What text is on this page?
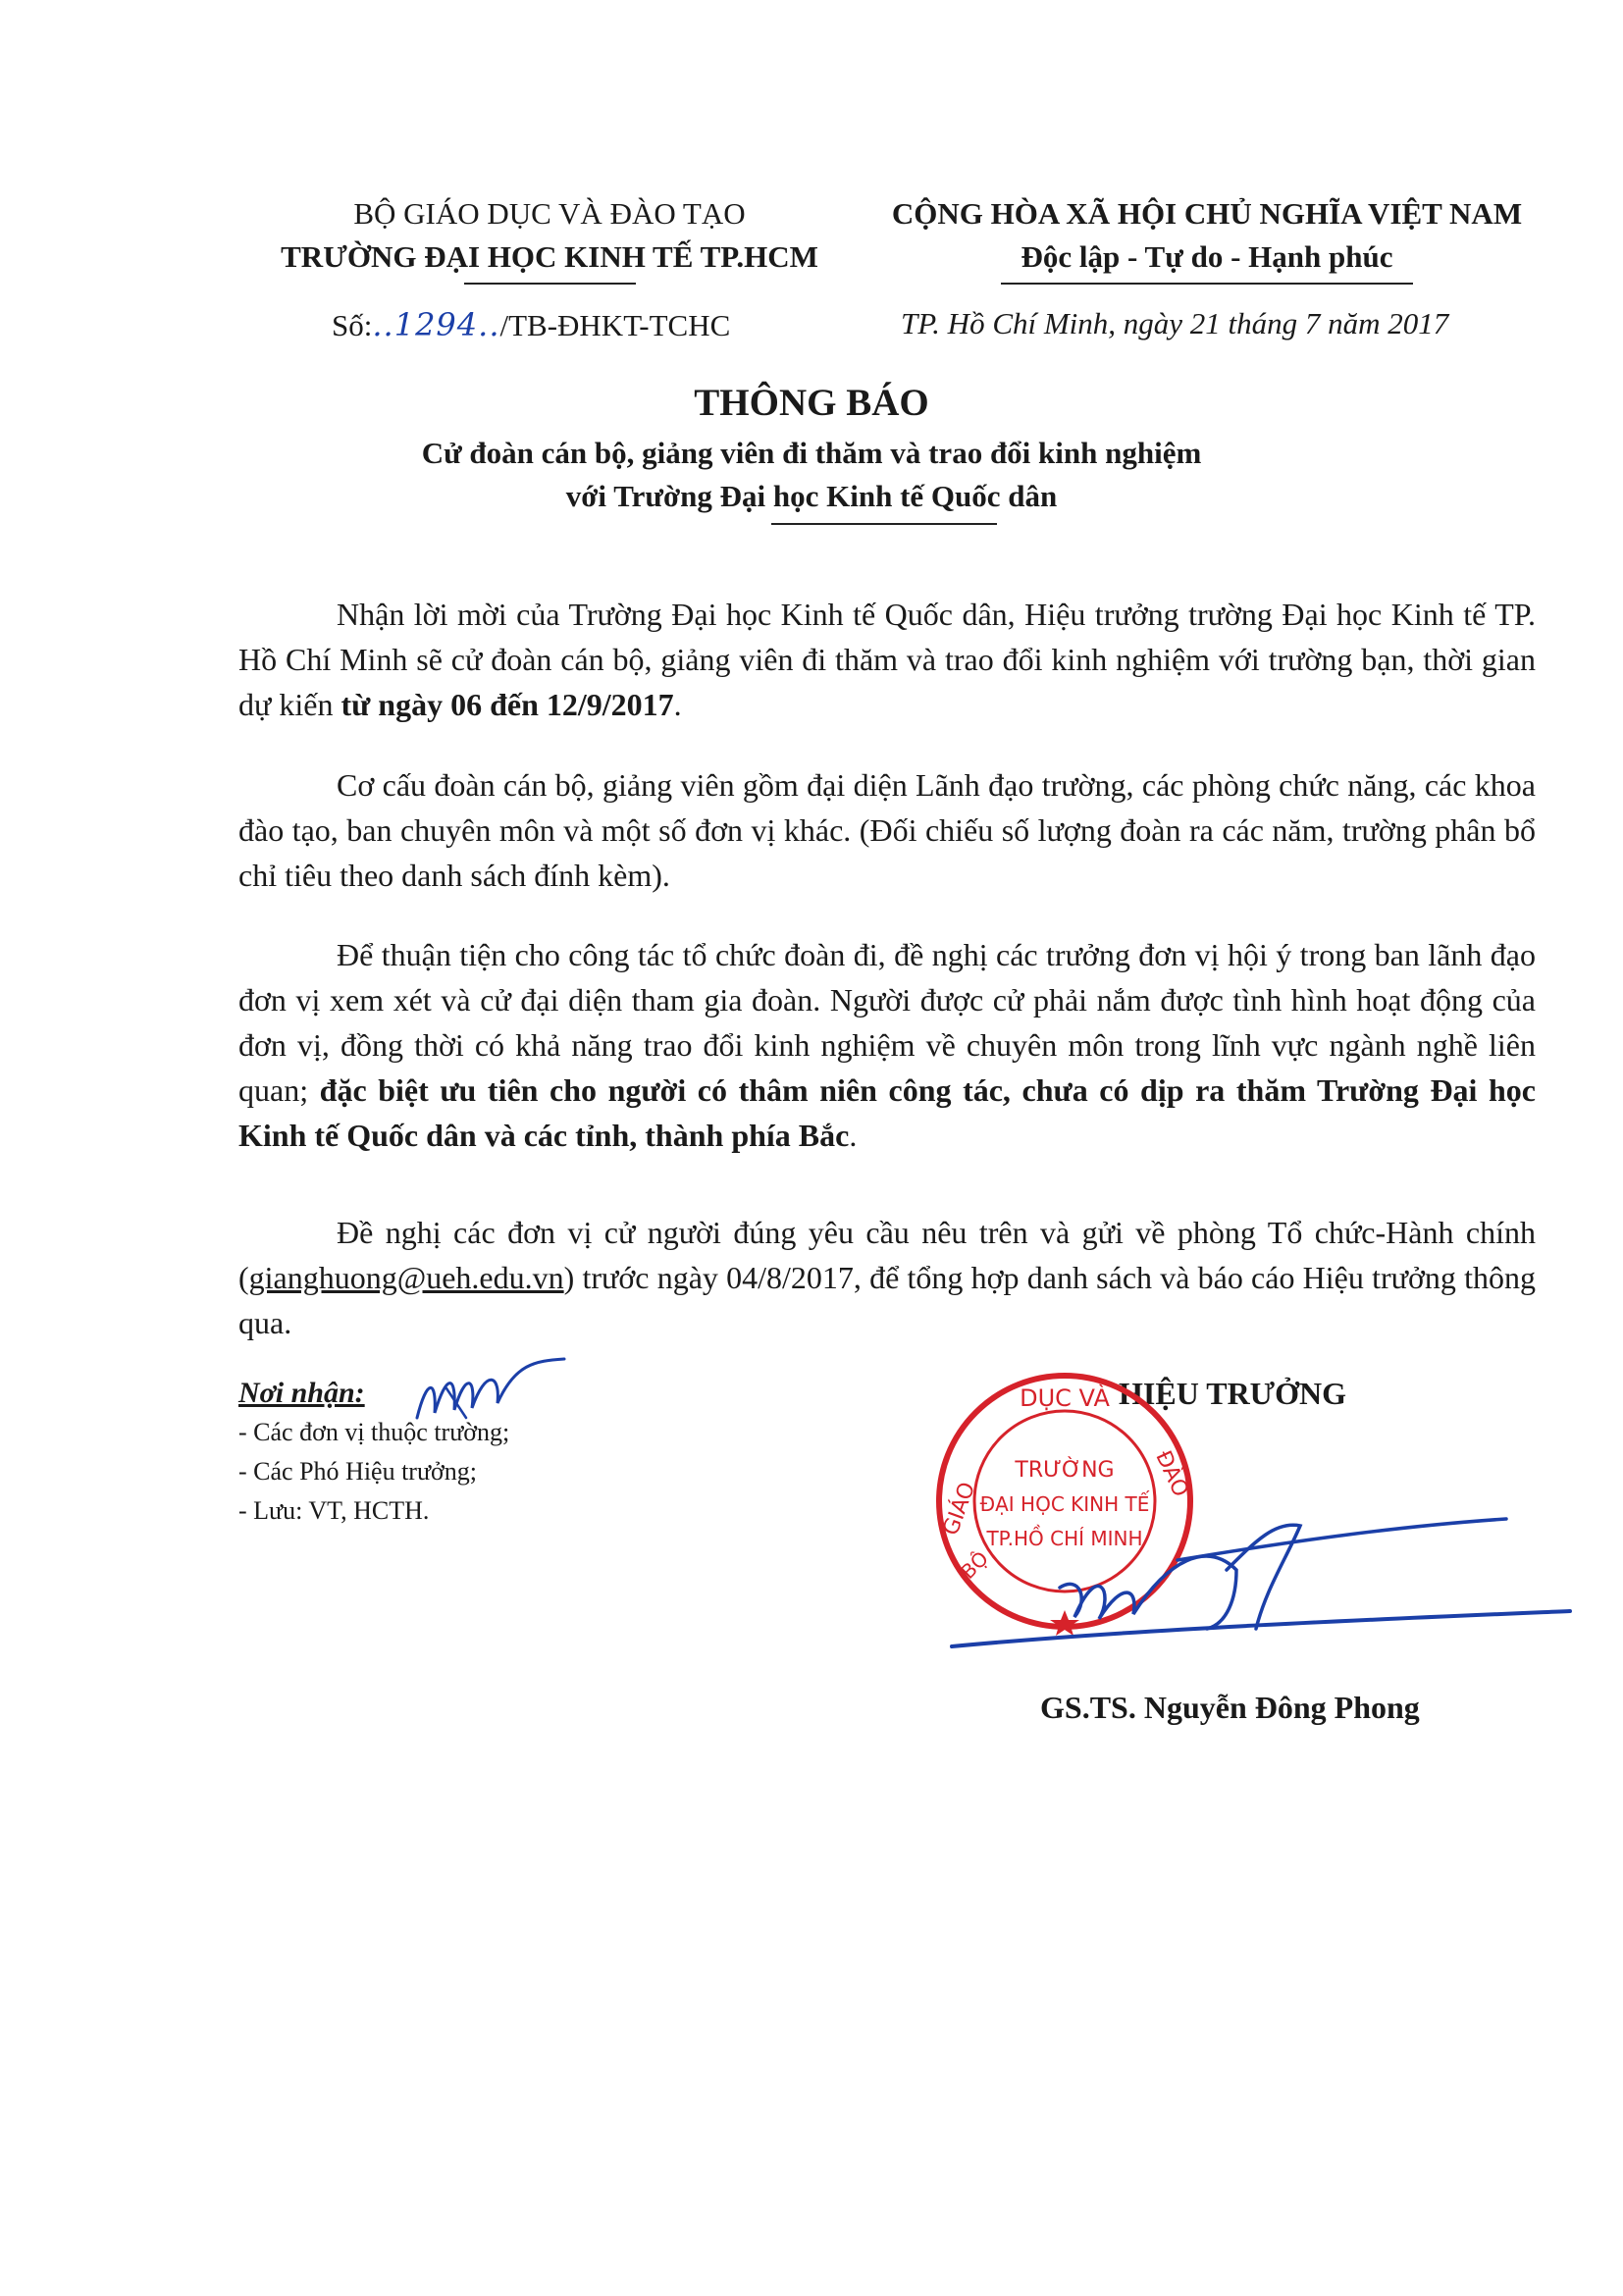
BỘ GIÁO DỤC VÀ ĐÀO TẠO
TRƯỜNG ĐẠI HỌC KINH TẾ TP.HCM
CỘNG HÒA XÃ HỘI CHỦ NGHĨA VIỆT NAM
Độc lập - Tự do - Hạnh phúc
Số:..1294../TB-ĐHKT-TCHC	TP. Hồ Chí Minh, ngày 21 tháng 7 năm 2017
THÔNG BÁO
Cử đoàn cán bộ, giảng viên đi thăm và trao đổi kinh nghiệm
với Trường Đại học Kinh tế Quốc dân

Nhận lời mời của Trường Đại học Kinh tế Quốc dân, Hiệu trưởng trường Đại học Kinh tế TP. Hồ Chí Minh sẽ cử đoàn cán bộ, giảng viên đi thăm và trao đổi kinh nghiệm với trường bạn, thời gian dự kiến từ ngày 06 đến 12/9/2017.

Cơ cấu đoàn cán bộ, giảng viên gồm đại diện Lãnh đạo trường, các phòng chức năng, các khoa đào tạo, ban chuyên môn và một số đơn vị khác. (Đối chiếu số lượng đoàn ra các năm, trường phân bổ chỉ tiêu theo danh sách đính kèm).

Để thuận tiện cho công tác tổ chức đoàn đi, đề nghị các trưởng đơn vị hội ý trong ban lãnh đạo đơn vị xem xét và cử đại diện tham gia đoàn. Người được cử phải nắm được tình hình hoạt động của đơn vị, đồng thời có khả năng trao đổi kinh nghiệm về chuyên môn trong lĩnh vực ngành nghề liên quan; đặc biệt ưu tiên cho người có thâm niên công tác, chưa có dịp ra thăm Trường Đại học Kinh tế Quốc dân và các tỉnh, thành phía Bắc.

Đề nghị các đơn vị cử người đúng yêu cầu nêu trên và gửi về phòng Tổ chức-Hành chính (gianghuong@ueh.edu.vn) trước ngày 04/8/2017, để tổng hợp danh sách và báo cáo Hiệu trưởng thông qua.

Nơi nhận:
- Các đơn vị thuộc trường;
- Các Phó Hiệu trưởng;
- Lưu: VT, HCTH.
HIỆU TRƯỞNG
DỤC VÀ
GIÁO
ĐÀO
BỘ
TRƯỜNG
ĐẠI HỌC KINH TẾ
TP.HỒ CHÍ MINH
GS.TS. Nguyễn Đông Phong
